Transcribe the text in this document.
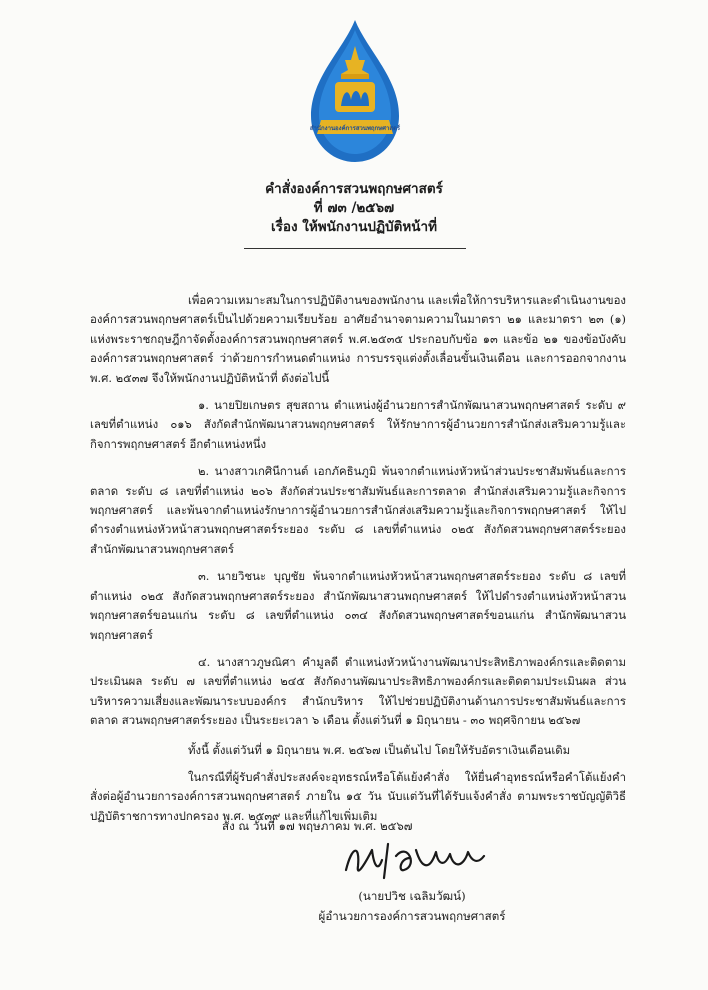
สำนักงานองค์การสวนพฤกษศาสตร์
คำสั่งองค์การสวนพฤกษศาสตร์
ที่ ๗๓ /๒๕๖๗
เรื่อง ให้พนักงานปฏิบัติหน้าที่

เพื่อความเหมาะสมในการปฏิบัติงานของพนักงาน และเพื่อให้การบริหารและดำเนินงานขององค์การสวนพฤกษศาสตร์เป็นไปด้วยความเรียบร้อย อาศัยอำนาจตามความในมาตรา ๒๑ และมาตรา ๒๓ (๑) แห่งพระราชกฤษฎีกาจัดตั้งองค์การสวนพฤกษศาสตร์ พ.ศ.๒๕๓๕ ประกอบกับข้อ ๑๓ และข้อ ๒๑ ของข้อบังคับองค์การสวนพฤกษศาสตร์ ว่าด้วยการกำหนดตำแหน่ง การบรรจุแต่งตั้งเลื่อนขั้นเงินเดือน และการออกจากงาน พ.ศ. ๒๕๓๗ จึงให้พนักงานปฏิบัติหน้าที่ ดังต่อไปนี้

๑. นายปิยเกษตร สุขสถาน ตำแหน่งผู้อำนวยการสำนักพัฒนาสวนพฤกษศาสตร์ ระดับ ๙ เลขที่ตำแหน่ง ๐๑๖ สังกัดสำนักพัฒนาสวนพฤกษศาสตร์ ให้รักษาการผู้อำนวยการสำนักส่งเสริมความรู้และกิจการพฤกษศาสตร์ อีกตำแหน่งหนึ่ง

๒. นางสาวเกศินีกานต์ เอกภัคธินภูมิ พ้นจากตำแหน่งหัวหน้าส่วนประชาสัมพันธ์และการตลาด ระดับ ๘ เลขที่ตำแหน่ง ๒๐๖ สังกัดส่วนประชาสัมพันธ์และการตลาด สำนักส่งเสริมความรู้และกิจการพฤกษศาสตร์ และพ้นจากตำแหน่งรักษาการผู้อำนวยการสำนักส่งเสริมความรู้และกิจการพฤกษศาสตร์ ให้ไปดำรงตำแหน่งหัวหน้าสวนพฤกษศาสตร์ระยอง ระดับ ๘ เลขที่ตำแหน่ง ๐๒๕ สังกัดสวนพฤกษศาสตร์ระยอง สำนักพัฒนาสวนพฤกษศาสตร์

๓. นายวิชนะ บุญชัย พ้นจากตำแหน่งหัวหน้าสวนพฤกษศาสตร์ระยอง ระดับ ๘ เลขที่ตำแหน่ง ๐๒๕ สังกัดสวนพฤกษศาสตร์ระยอง สำนักพัฒนาสวนพฤกษศาสตร์ ให้ไปดำรงตำแหน่งหัวหน้าสวนพฤกษศาสตร์ขอนแก่น ระดับ ๘ เลขที่ตำแหน่ง ๐๓๔ สังกัดสวนพฤกษศาสตร์ขอนแก่น สำนักพัฒนาสวนพฤกษศาสตร์

๔. นางสาวภูษณิศา คำมูลดี ตำแหน่งหัวหน้างานพัฒนาประสิทธิภาพองค์กรและติดตามประเมินผล ระดับ ๗ เลขที่ตำแหน่ง ๒๔๕ สังกัดงานพัฒนาประสิทธิภาพองค์กรและติดตามประเมินผล ส่วนบริหารความเสี่ยงและพัฒนาระบบองค์กร สำนักบริหาร ให้ไปช่วยปฏิบัติงานด้านการประชาสัมพันธ์และการตลาด สวนพฤกษศาสตร์ระยอง เป็นระยะเวลา ๖ เดือน ตั้งแต่วันที่ ๑ มิถุนายน - ๓๐ พฤศจิกายน ๒๕๖๗

ทั้งนี้ ตั้งแต่วันที่ ๑ มิถุนายน พ.ศ. ๒๕๖๗ เป็นต้นไป โดยให้รับอัตราเงินเดือนเดิม

ในกรณีที่ผู้รับคำสั่งประสงค์จะอุทธรณ์หรือโต้แย้งคำสั่ง ให้ยื่นคำอุทธรณ์หรือคำโต้แย้งคำสั่งต่อผู้อำนวยการองค์การสวนพฤกษศาสตร์ ภายใน ๑๕ วัน นับแต่วันที่ได้รับแจ้งคำสั่ง ตามพระราชบัญญัติวิธีปฏิบัติราชการทางปกครอง พ.ศ. ๒๕๓๙ และที่แก้ไขเพิ่มเติม

สั่ง ณ วันที่ ๑๗ พฤษภาคม พ.ศ. ๒๕๖๗
(นายปวิช เฉลิมวัฒน์)
ผู้อำนวยการองค์การสวนพฤกษศาสตร์
